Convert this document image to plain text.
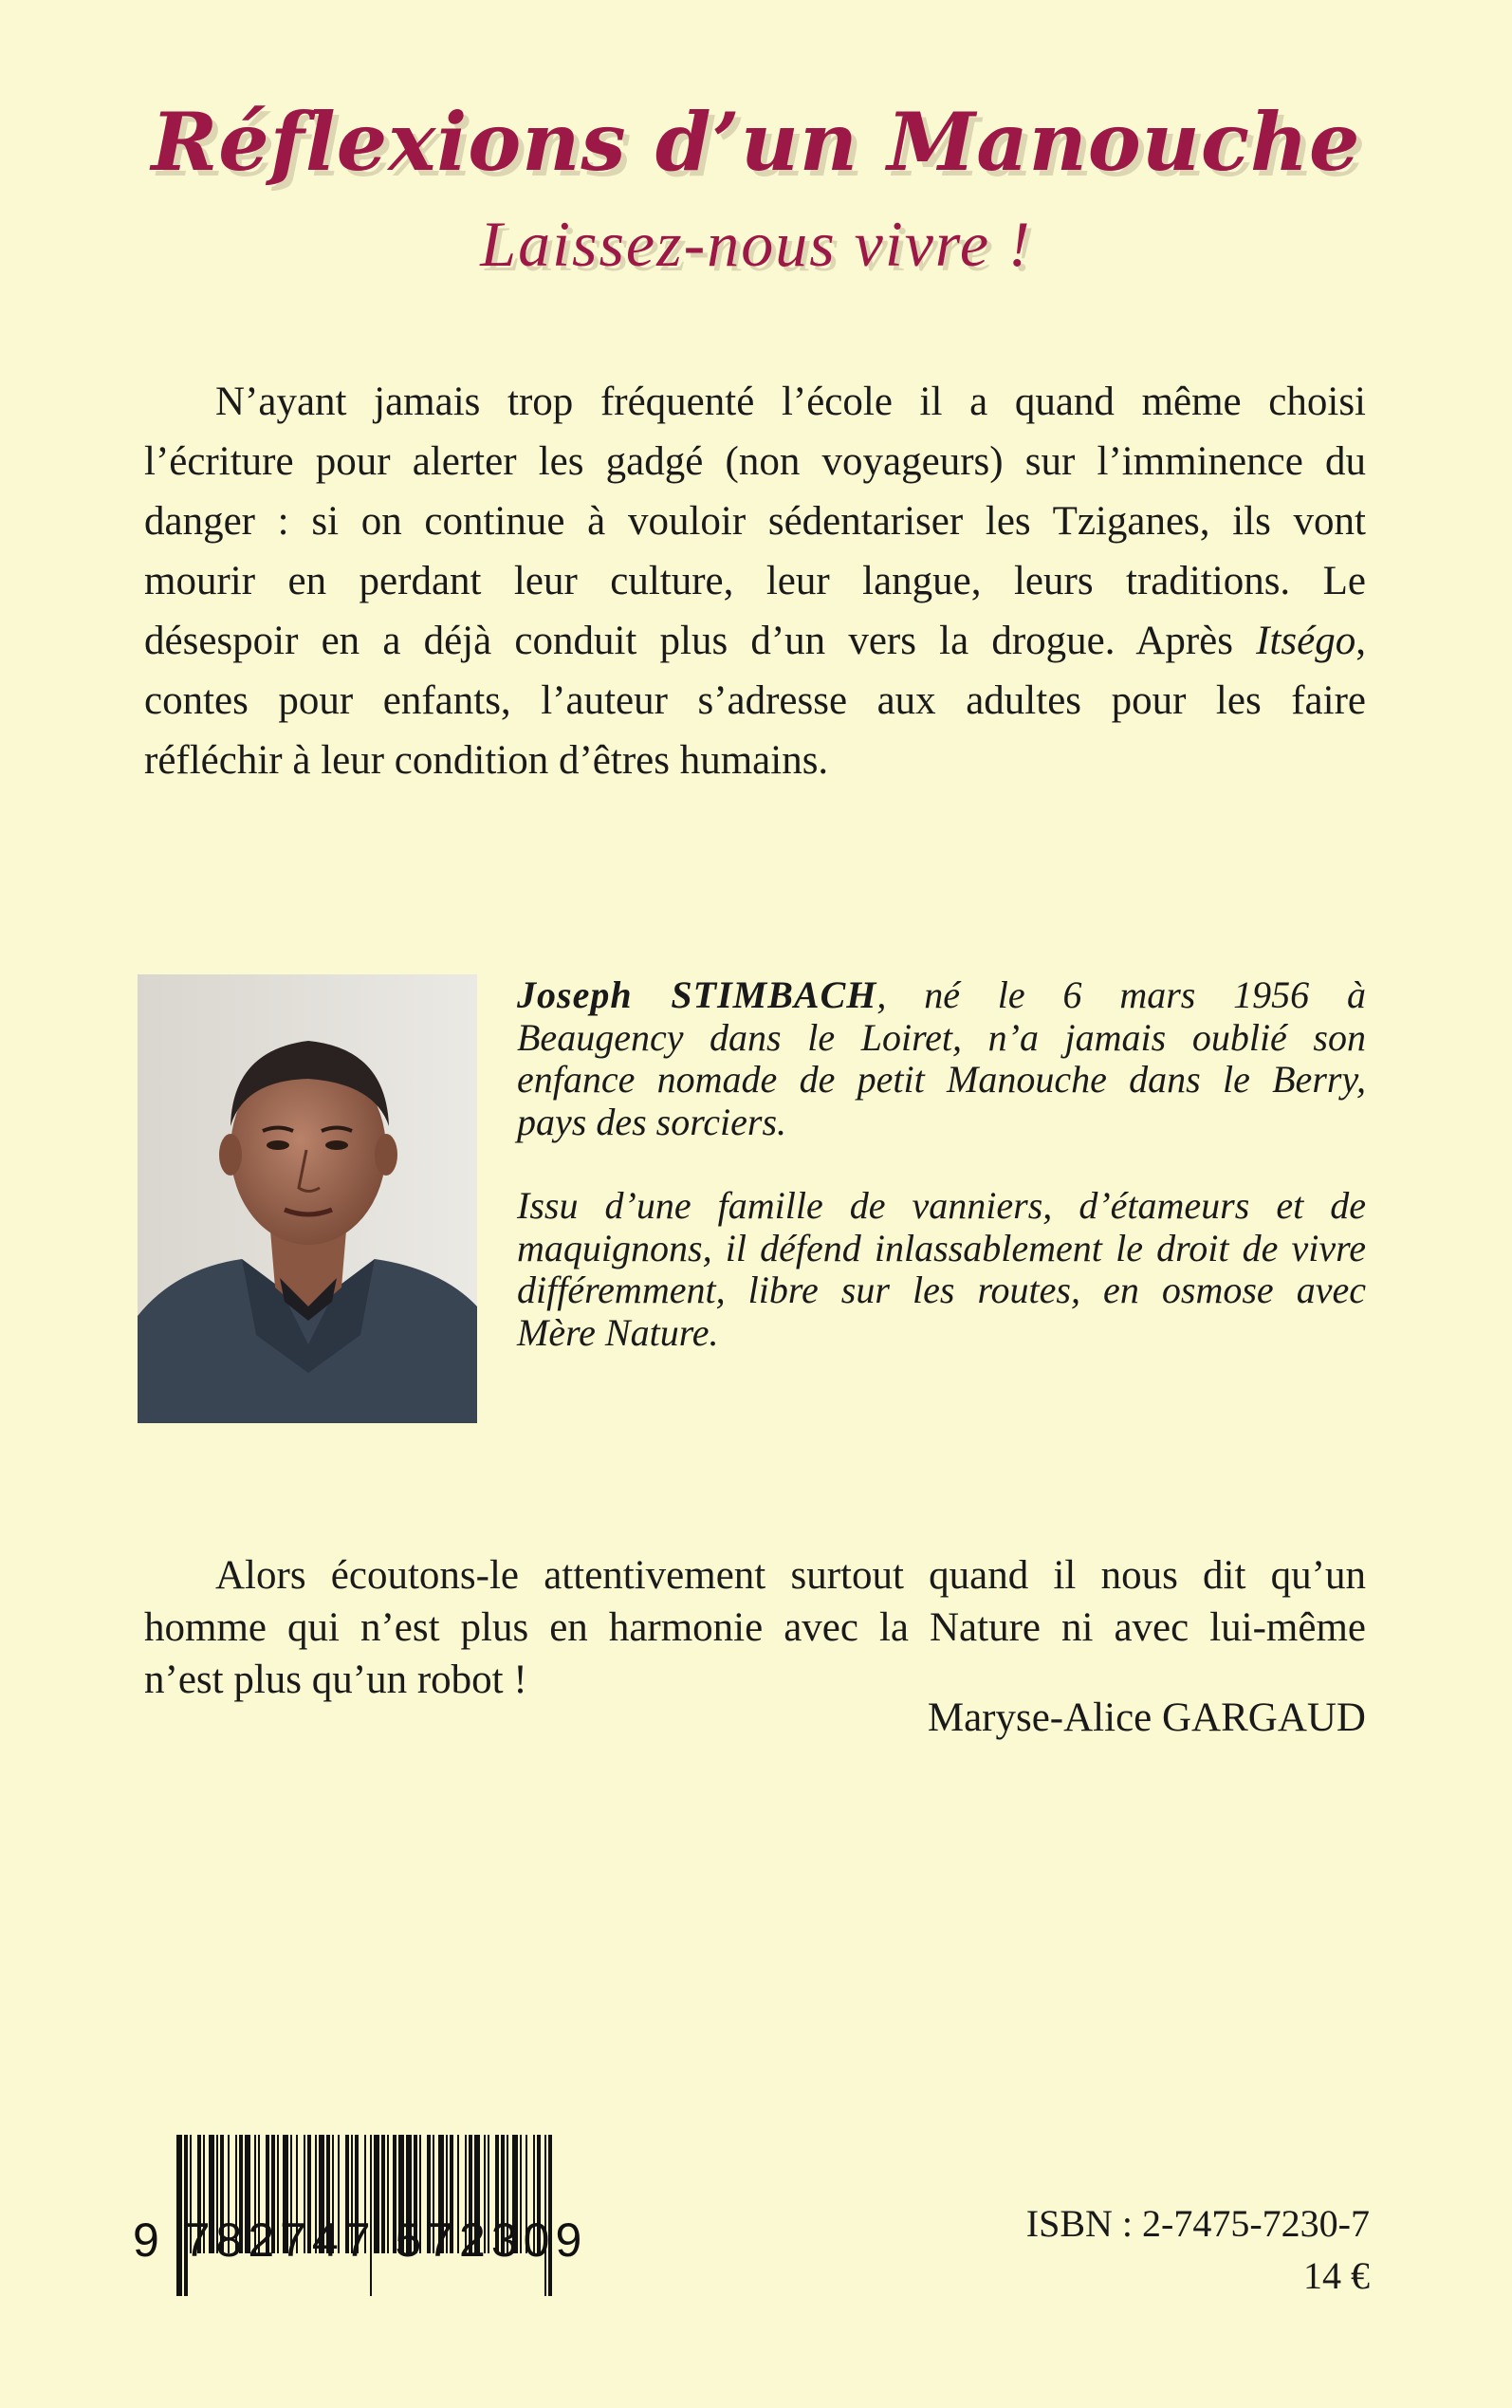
Réflexions d’un Manouche
Laissez-nous vivre !
N’ayant jamais trop fréquenté l’école il a quand même choisi
l’écriture pour alerter les gadgé (non voyageurs) sur l’imminence du
danger : si on continue à vouloir sédentariser les Tziganes, ils vont
mourir en perdant leur culture, leur langue, leurs traditions. Le
désespoir en a déjà conduit plus d’un vers la drogue. Après Itségo,
contes pour enfants, l’auteur s’adresse aux adultes pour les faire
réfléchir à leur condition d’êtres humains.
Joseph STIMBACH, né le 6 mars 1956 à
Beaugency dans le Loiret, n’a jamais oublié son
enfance nomade de petit Manouche dans le Berry,
pays des sorciers.
Issu d’une famille de vanniers, d’étameurs et de
maquignons, il défend inlassablement le droit de vivre
différemment, libre sur les routes, en osmose avec
Mère Nature.
Alors écoutons-le attentivement surtout quand il nous dit qu’un
homme qui n’est plus en harmonie avec la Nature ni avec lui-même
n’est plus qu’un robot !
Maryse-Alice GARGAUD
9 782747 572309	ISBN : 2-7475-7230-7
14 €
